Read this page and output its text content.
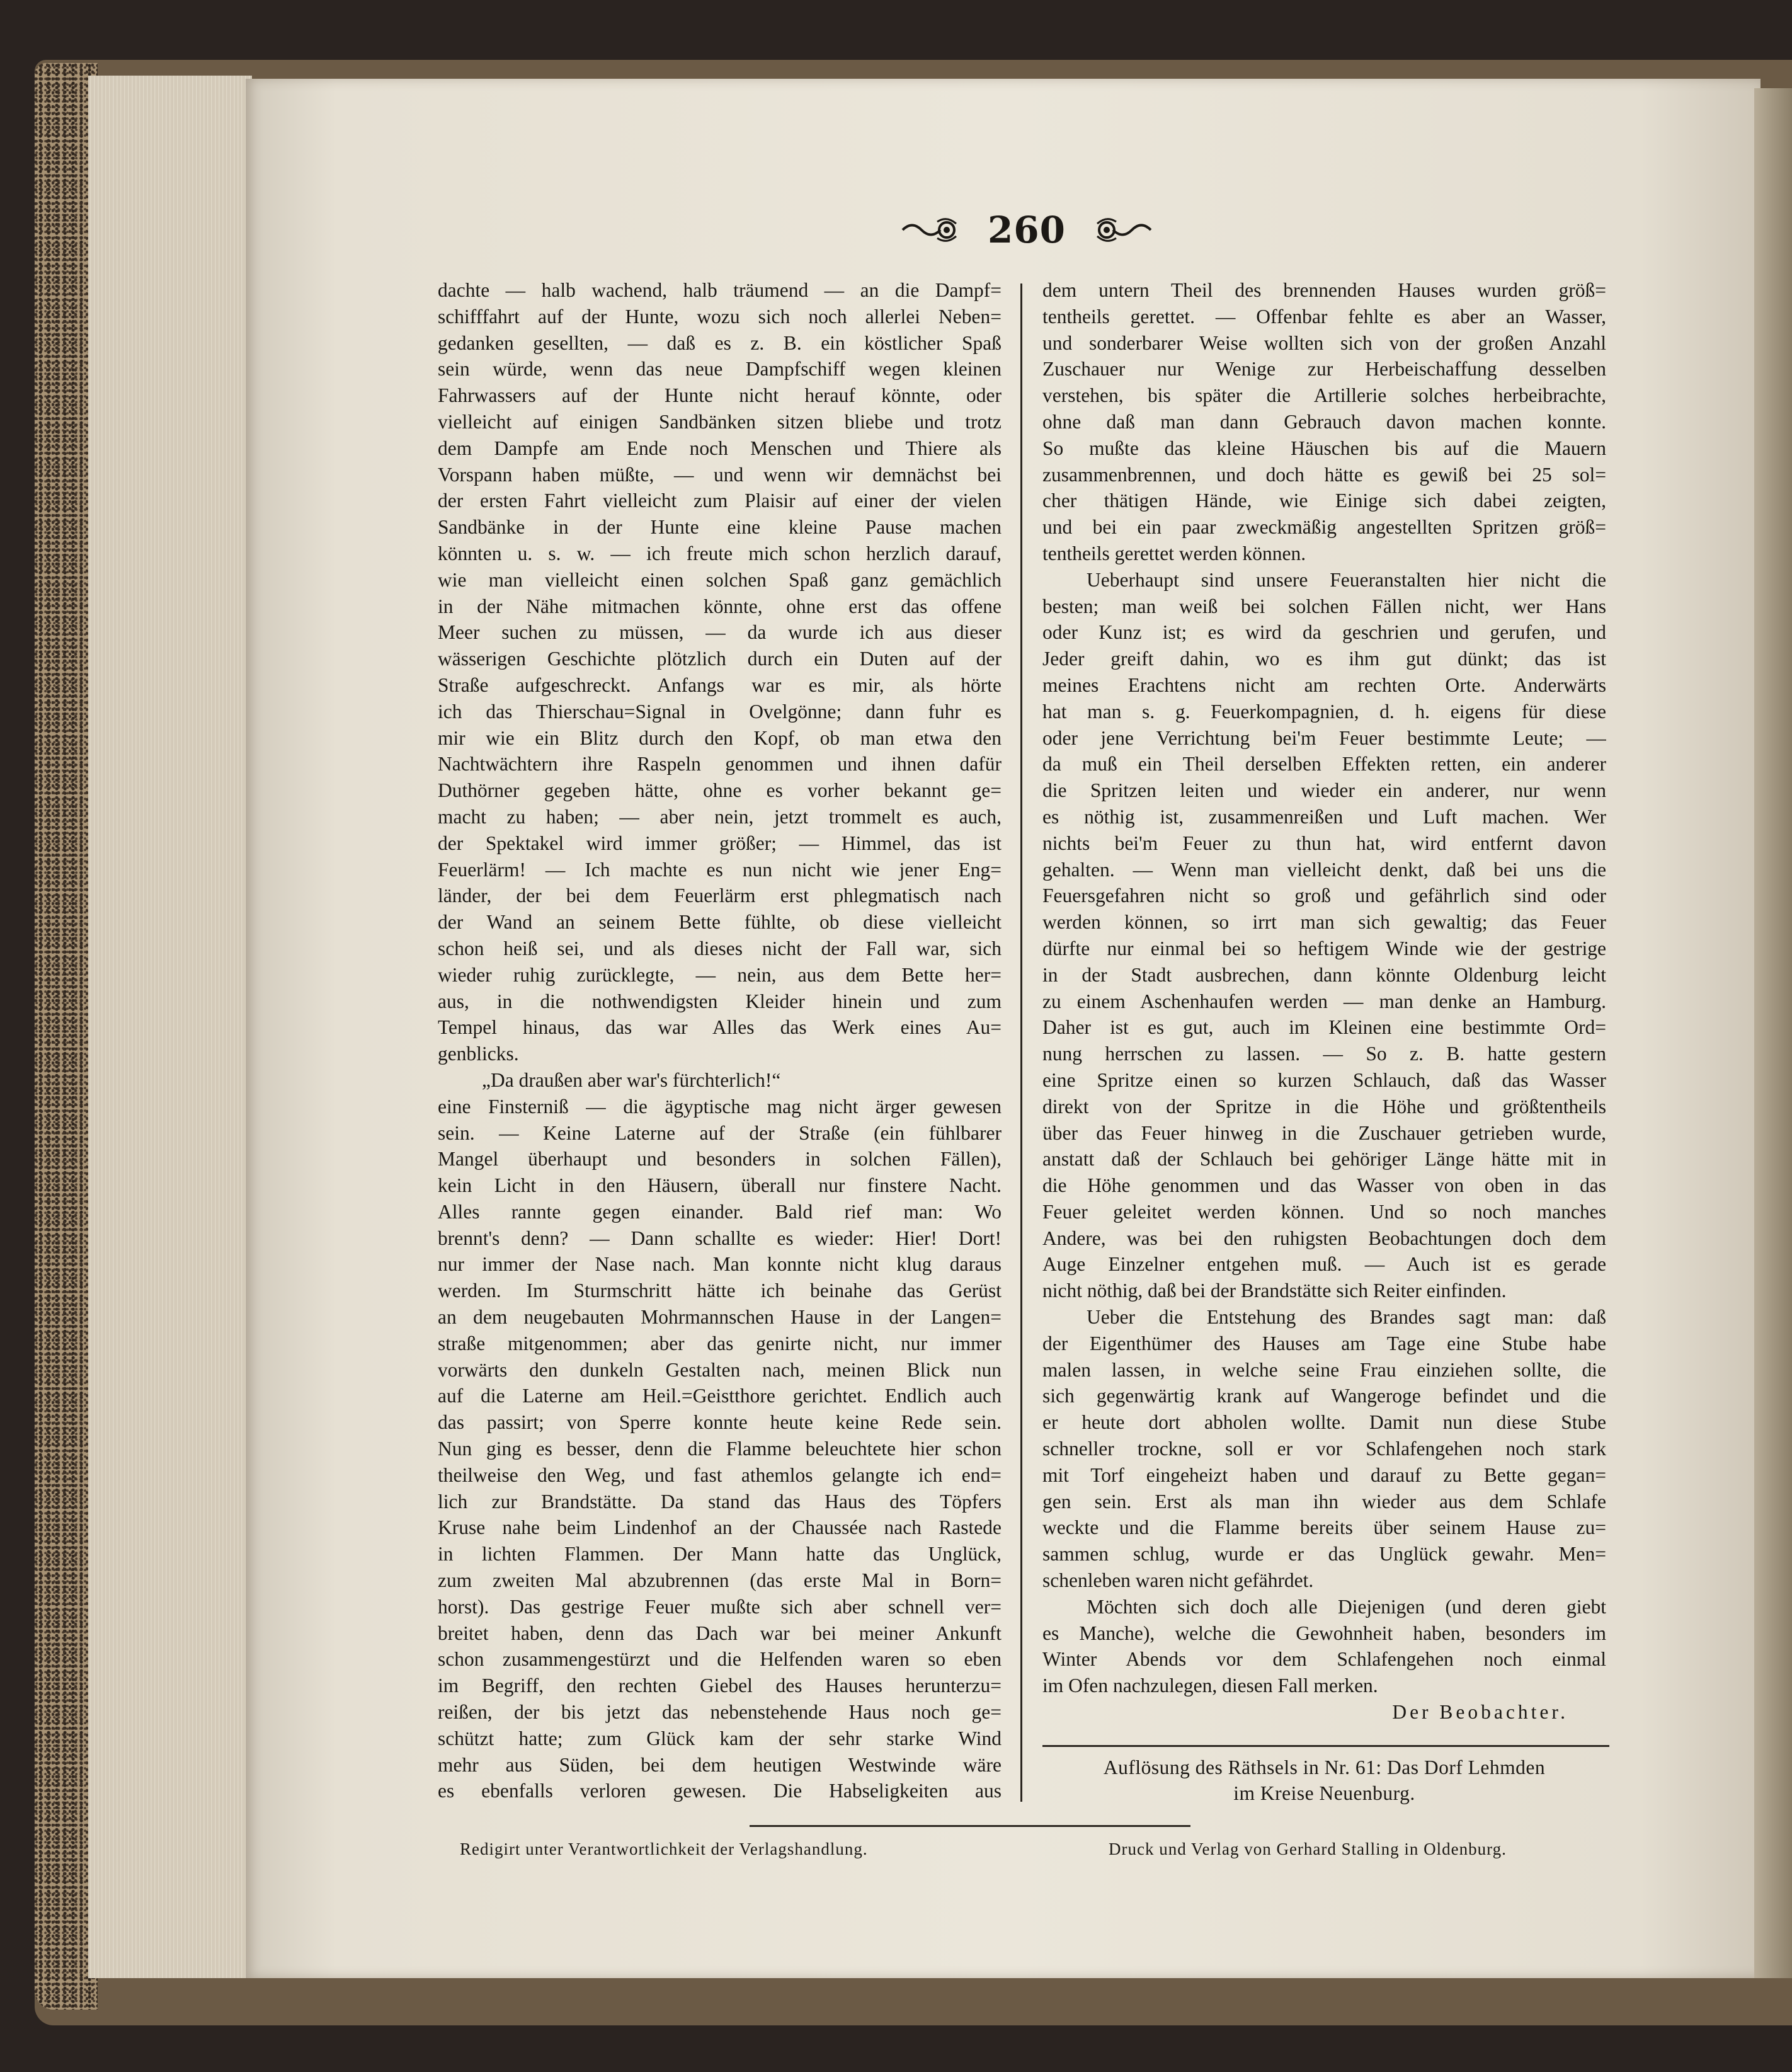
260
dachte — halb wachend, halb träumend — an die Dampf=
schifffahrt auf der Hunte, wozu sich noch allerlei Neben=
gedanken gesellten, — daß es z. B. ein köstlicher Spaß
sein würde, wenn das neue Dampfschiff wegen kleinen
Fahrwassers auf der Hunte nicht herauf könnte, oder
vielleicht auf einigen Sandbänken sitzen bliebe und trotz
dem Dampfe am Ende noch Menschen und Thiere als
Vorspann haben müßte, — und wenn wir demnächst bei
der ersten Fahrt vielleicht zum Plaisir auf einer der vielen
Sandbänke in der Hunte eine kleine Pause machen
könnten u. s. w. — ich freute mich schon herzlich darauf,
wie man vielleicht einen solchen Spaß ganz gemächlich
in der Nähe mitmachen könnte, ohne erst das offene
Meer suchen zu müssen, — da wurde ich aus dieser
wässerigen Geschichte plötzlich durch ein Duten auf der
Straße aufgeschreckt. Anfangs war es mir, als hörte
ich das Thierschau=Signal in Ovelgönne; dann fuhr es
mir wie ein Blitz durch den Kopf, ob man etwa den
Nachtwächtern ihre Raspeln genommen und ihnen dafür
Duthörner gegeben hätte, ohne es vorher bekannt ge=
macht zu haben; — aber nein, jetzt trommelt es auch,
der Spektakel wird immer größer; — Himmel, das ist
Feuerlärm! — Ich machte es nun nicht wie jener Eng=
länder, der bei dem Feuerlärm erst phlegmatisch nach
der Wand an seinem Bette fühlte, ob diese vielleicht
schon heiß sei, und als dieses nicht der Fall war, sich
wieder ruhig zurücklegte, — nein, aus dem Bette her=
aus, in die nothwendigsten Kleider hinein und zum
Tempel hinaus, das war Alles das Werk eines Au=
genblicks.
„Da draußen aber war's fürchterlich!“
eine Finsterniß — die ägyptische mag nicht ärger gewesen
sein. — Keine Laterne auf der Straße (ein fühlbarer
Mangel überhaupt und besonders in solchen Fällen),
kein Licht in den Häusern, überall nur finstere Nacht.
Alles rannte gegen einander. Bald rief man: Wo
brennt's denn? — Dann schallte es wieder: Hier! Dort!
nur immer der Nase nach. Man konnte nicht klug daraus
werden. Im Sturmschritt hätte ich beinahe das Gerüst
an dem neugebauten Mohrmannschen Hause in der Langen=
straße mitgenommen; aber das genirte nicht, nur immer
vorwärts den dunkeln Gestalten nach, meinen Blick nun
auf die Laterne am Heil.=Geistthore gerichtet. Endlich auch
das passirt; von Sperre konnte heute keine Rede sein.
Nun ging es besser, denn die Flamme beleuchtete hier schon
theilweise den Weg, und fast athemlos gelangte ich end=
lich zur Brandstätte. Da stand das Haus des Töpfers
Kruse nahe beim Lindenhof an der Chaussée nach Rastede
in lichten Flammen. Der Mann hatte das Unglück,
zum zweiten Mal abzubrennen (das erste Mal in Born=
horst). Das gestrige Feuer mußte sich aber schnell ver=
breitet haben, denn das Dach war bei meiner Ankunft
schon zusammengestürzt und die Helfenden waren so eben
im Begriff, den rechten Giebel des Hauses herunterzu=
reißen, der bis jetzt das nebenstehende Haus noch ge=
schützt hatte; zum Glück kam der sehr starke Wind
mehr aus Süden, bei dem heutigen Westwinde wäre
es ebenfalls verloren gewesen. Die Habseligkeiten aus
dem untern Theil des brennenden Hauses wurden größ=
tentheils gerettet. — Offenbar fehlte es aber an Wasser,
und sonderbarer Weise wollten sich von der großen Anzahl
Zuschauer nur Wenige zur Herbeischaffung desselben
verstehen, bis später die Artillerie solches herbeibrachte,
ohne daß man dann Gebrauch davon machen konnte.
So mußte das kleine Häuschen bis auf die Mauern
zusammenbrennen, und doch hätte es gewiß bei 25 sol=
cher thätigen Hände, wie Einige sich dabei zeigten,
und bei ein paar zweckmäßig angestellten Spritzen größ=
tentheils gerettet werden können.
Ueberhaupt sind unsere Feueranstalten hier nicht die
besten; man weiß bei solchen Fällen nicht, wer Hans
oder Kunz ist; es wird da geschrien und gerufen, und
Jeder greift dahin, wo es ihm gut dünkt; das ist
meines Erachtens nicht am rechten Orte. Anderwärts
hat man s. g. Feuerkompagnien, d. h. eigens für diese
oder jene Verrichtung bei'm Feuer bestimmte Leute; —
da muß ein Theil derselben Effekten retten, ein anderer
die Spritzen leiten und wieder ein anderer, nur wenn
es nöthig ist, zusammenreißen und Luft machen. Wer
nichts bei'm Feuer zu thun hat, wird entfernt davon
gehalten. — Wenn man vielleicht denkt, daß bei uns die
Feuersgefahren nicht so groß und gefährlich sind oder
werden können, so irrt man sich gewaltig; das Feuer
dürfte nur einmal bei so heftigem Winde wie der gestrige
in der Stadt ausbrechen, dann könnte Oldenburg leicht
zu einem Aschenhaufen werden — man denke an Hamburg.
Daher ist es gut, auch im Kleinen eine bestimmte Ord=
nung herrschen zu lassen. — So z. B. hatte gestern
eine Spritze einen so kurzen Schlauch, daß das Wasser
direkt von der Spritze in die Höhe und größtentheils
über das Feuer hinweg in die Zuschauer getrieben wurde,
anstatt daß der Schlauch bei gehöriger Länge hätte mit in
die Höhe genommen und das Wasser von oben in das
Feuer geleitet werden können. Und so noch manches
Andere, was bei den ruhigsten Beobachtungen doch dem
Auge Einzelner entgehen muß. — Auch ist es gerade
nicht nöthig, daß bei der Brandstätte sich Reiter einfinden.
Ueber die Entstehung des Brandes sagt man: daß
der Eigenthümer des Hauses am Tage eine Stube habe
malen lassen, in welche seine Frau einziehen sollte, die
sich gegenwärtig krank auf Wangeroge befindet und die
er heute dort abholen wollte. Damit nun diese Stube
schneller trockne, soll er vor Schlafengehen noch stark
mit Torf eingeheizt haben und darauf zu Bette gegan=
gen sein. Erst als man ihn wieder aus dem Schlafe
weckte und die Flamme bereits über seinem Hause zu=
sammen schlug, wurde er das Unglück gewahr. Men=
schenleben waren nicht gefährdet.
Möchten sich doch alle Diejenigen (und deren giebt
es Manche), welche die Gewohnheit haben, besonders im
Winter Abends vor dem Schlafengehen noch einmal
im Ofen nachzulegen, diesen Fall merken.
Der Beobachter.
Auflösung des Räthsels in Nr. 61: Das Dorf Lehmden
im Kreise Neuenburg.
Redigirt unter Verantwortlichkeit der Verlagshandlung.	Druck und Verlag von Gerhard Stalling in Oldenburg.
